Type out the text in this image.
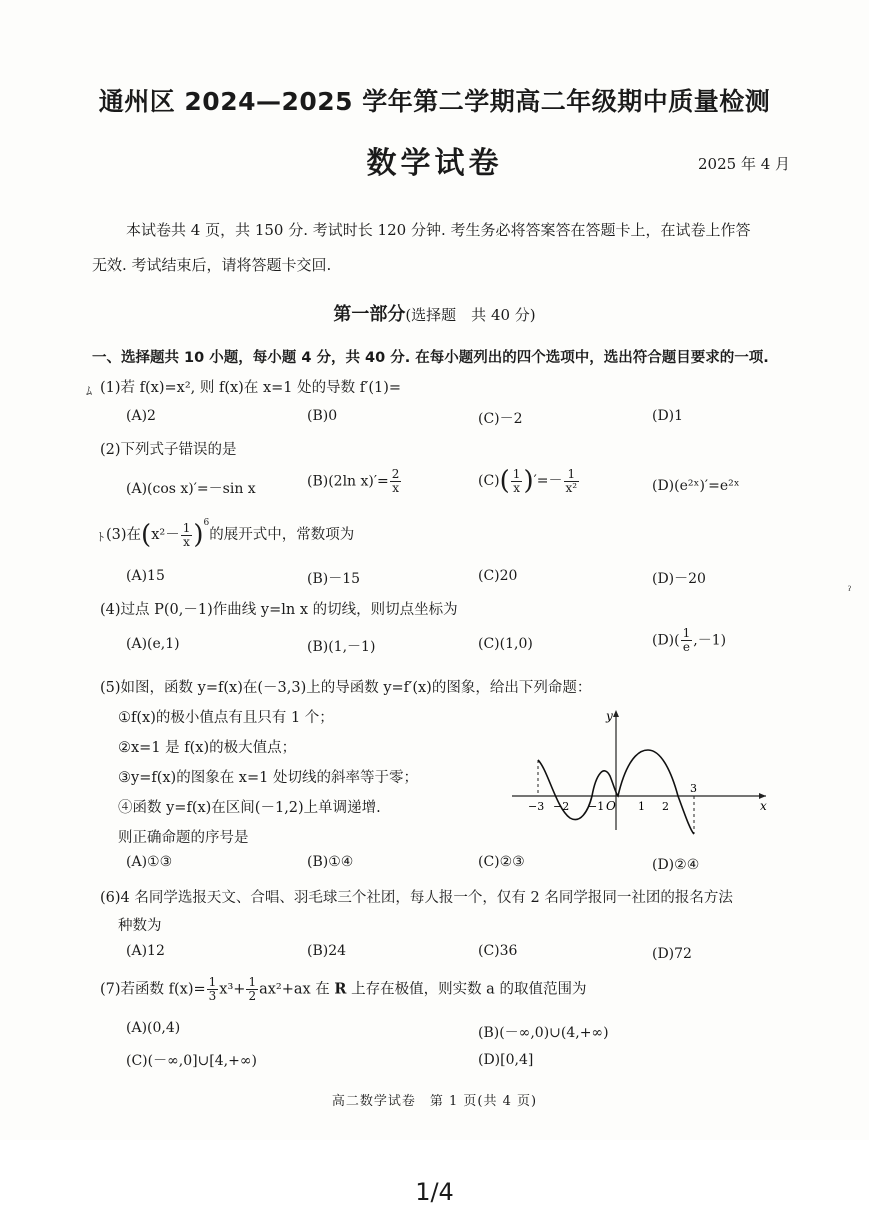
通州区 2024—2025 学年第二学期高二年级期中质量检测
数学试卷	2025 年 4 月
本试卷共 4 页，共 150 分. 考试时长 120 分钟. 考生务必将答案答在答题卡上，在试卷上作答
无效. 考试结束后，请将答题卡交回.
第一部分(选择题　共 40 分)
一、选择题共 10 小题，每小题 4 分，共 40 分. 在每小题列出的四个选项中，选出符合题目要求的一项.
ﾑ (1)若 f(x)=x², 则 f(x)在 x=1 处的导数 f′(1)=
(A)2	(B)0	(C)－2	(D)1
(2)下列式子错误的是
(A)(cos x)′=－sin x	(B)(2ln $x)'= \frac{2}{x}$	$(C)( \frac{1}{x}$ )′=－ $\frac{1}{\text{x²}}$	(D)(e²ˣ)′=e²ˣ
ﾄ (3)在$(x^2- \frac{1}{x} )^6$的展开式中，常数项为
(A)15	(B)－15	(C)20	(D)－20
(4)过点 P(0,－1)作曲线 y=ln x 的切线，则切点坐标为
(A)(e,1)	(B)(1,－1)	(C)(1,0)	$(D)( \frac{1}{e} ,-1)$
ˀ
(5)如图，函数 y=f(x)在(－3,3)上的导函数 y=f′(x)的图象，给出下列命题：
①f(x)的极小值点有且只有 1 个；
②x=1 是 f(x)的极大值点；
③y=f(x)的图象在 x=1 处切线的斜率等于零；
④函数 y=f(x)在区间(－1,2)上单调递增.
则正确命题的序号是
y
x
O
−3 −2 −1	1 2
3
(A)①③	(B)①④	(C)②③	(D)②④
(6)4 名同学选报天文、合唱、羽毛球三个社团，每人报一个，仅有 2 名同学报同一社团的报名方法
种数为
(A)12	(B)24	(C)36	(D)72
(7)若函数 $f(x)= \frac{1}{3} x^3+ \frac{1}{2} ax^2+ax$ 在 R 上存在极值，则实数 a 的取值范围为
(A)(0,4)	(B)(－∞,0)∪(4,+∞)
(C)(－∞,0]∪[4,+∞)	(D)[0,4]
高二数学试卷　第 1 页(共 4 页)
1/4
